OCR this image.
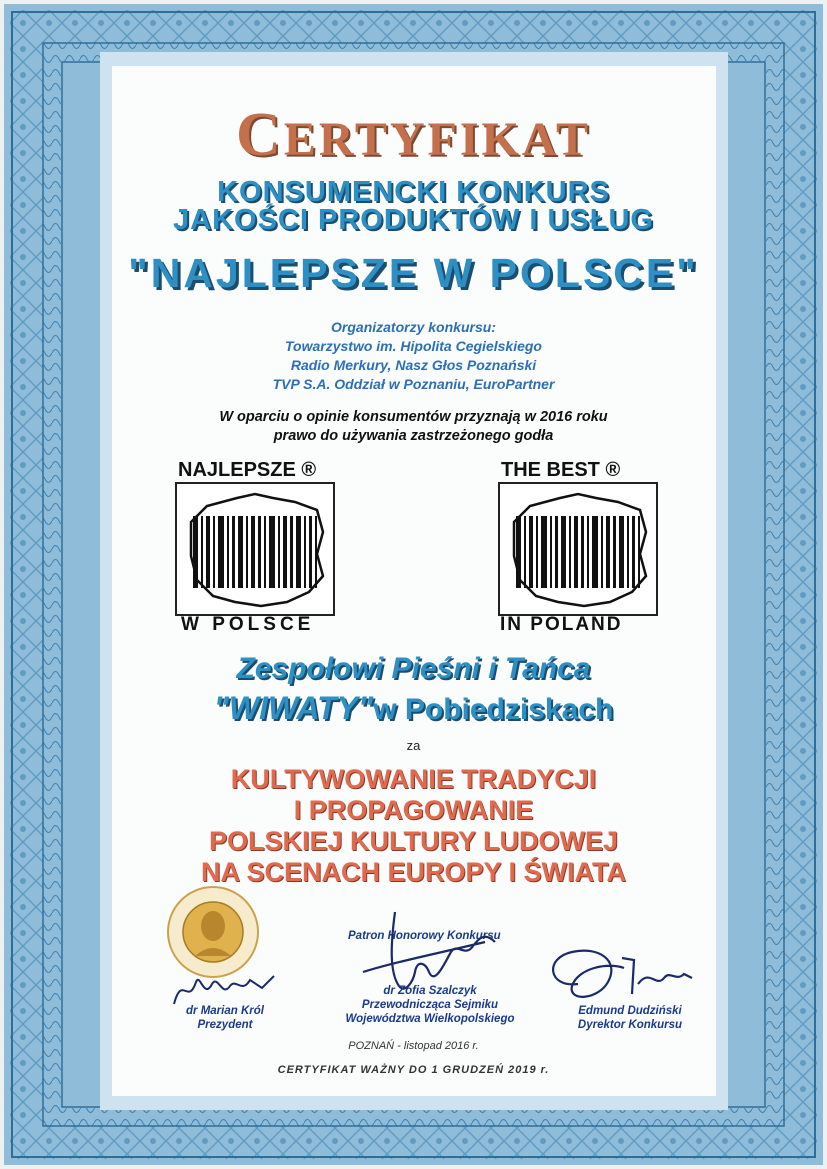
CERTYFIKAT
KONSUMENCKI KONKURS
JAKOŚCI PRODUKTÓW I USŁUG
"NAJLEPSZE W POLSCE"
Organizatorzy konkursu:
Towarzystwo im. Hipolita Cegielskiego
Radio Merkury, Nasz Głos Poznański
TVP S.A. Oddział w Poznaniu, EuroPartner
W oparciu o opinie konsumentów przyznają w 2016 roku
prawo do używania zastrzeżonego godła
NAJLEPSZE ®
W POLSCE
THE BEST ®
IN POLAND
Zespołowi Pieśni i Tańca
"WIWATY"w Pobiedziskach
za
KULTYWOWANIE TRADYCJI
I PROPAGOWANIE
POLSKIEJ KULTURY LUDOWEJ
NA SCENACH EUROPY I ŚWIATA
Patron Honorowy Konkursu
dr Marian Król
Prezydent
dr Zofia Szalczyk
Przewodnicząca Sejmiku
Województwa Wielkopolskiego
Edmund Dudziński
Dyrektor Konkursu
POZNAŃ - listopad 2016 r.
CERTYFIKAT WAŻNY DO 1 GRUDZEŃ 2019 r.
